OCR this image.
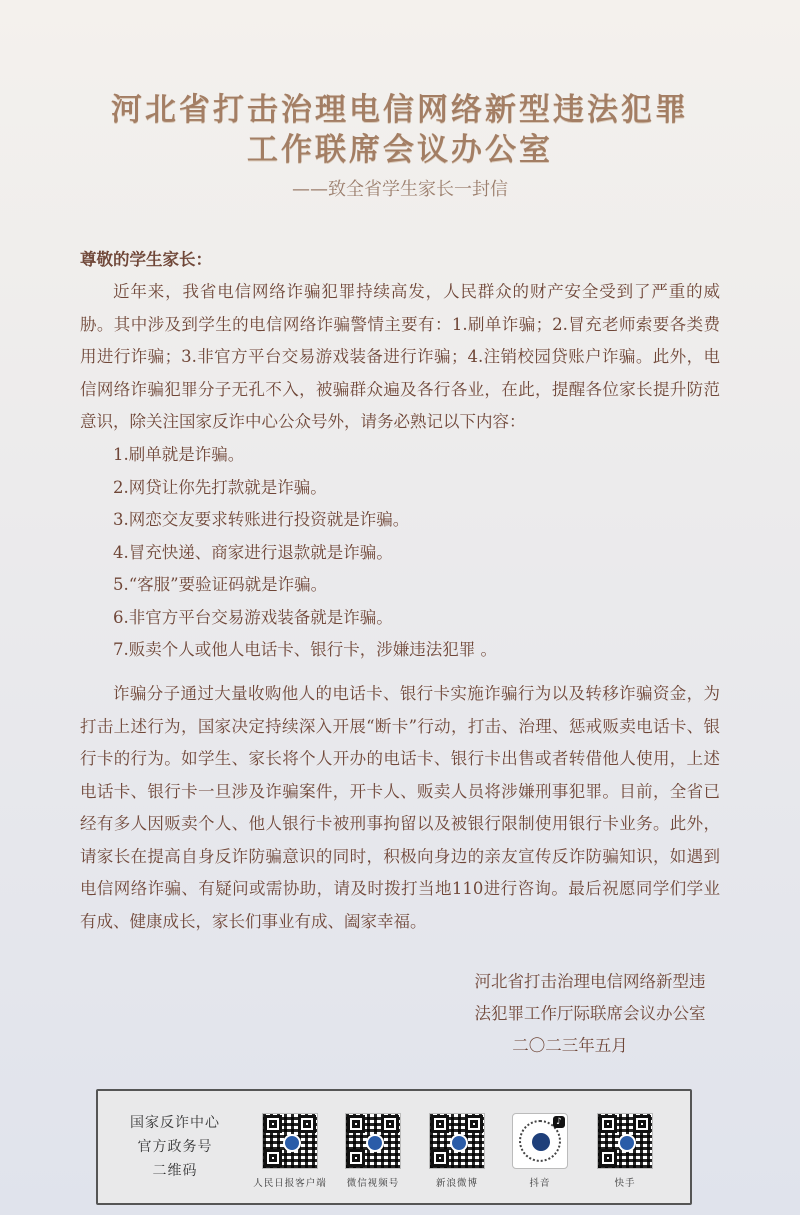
河北省打击治理电信网络新型违法犯罪
工作联席会议办公室
——致全省学生家长一封信
尊敬的学生家长：

近年来，我省电信网络诈骗犯罪持续高发，人民群众的财产安全受到了严重的威胁。其中涉及到学生的电信网络诈骗警情主要有：1.刷单诈骗；2.冒充老师索要各类费用进行诈骗；3.非官方平台交易游戏装备进行诈骗；4.注销校园贷账户诈骗。此外，电信网络诈骗犯罪分子无孔不入，被骗群众遍及各行各业，在此，提醒各位家长提升防范意识，除关注国家反诈中心公众号外，请务必熟记以下内容：

1.刷单就是诈骗。

2.网贷让你先打款就是诈骗。

3.网恋交友要求转账进行投资就是诈骗。

4.冒充快递、商家进行退款就是诈骗。

5.“客服”要验证码就是诈骗。

6.非官方平台交易游戏装备就是诈骗。

7.贩卖个人或他人电话卡、银行卡，涉嫌违法犯罪 。

诈骗分子通过大量收购他人的电话卡、银行卡实施诈骗行为以及转移诈骗资金，为打击上述行为，国家决定持续深入开展“断卡”行动，打击、治理、惩戒贩卖电话卡、银行卡的行为。如学生、家长将个人开办的电话卡、银行卡出售或者转借他人使用，上述电话卡、银行卡一旦涉及诈骗案件，开卡人、贩卖人员将涉嫌刑事犯罪。目前，全省已经有多人因贩卖个人、他人银行卡被刑事拘留以及被银行限制使用银行卡业务。此外，请家长在提高自身反诈防骗意识的同时，积极向身边的亲友宣传反诈防骗知识，如遇到电信网络诈骗、有疑问或需协助，请及时拨打当地110进行咨询。最后祝愿同学们学业有成、健康成长，家长们事业有成、阖家幸福。

河北省打击治理电信网络新型违
法犯罪工作厅际联席会议办公室
二〇二三年五月
国家反诈中心
官方政务号
二维码
人民日报客户端	微信视频号	新浪微博
♪
抖音	快手
